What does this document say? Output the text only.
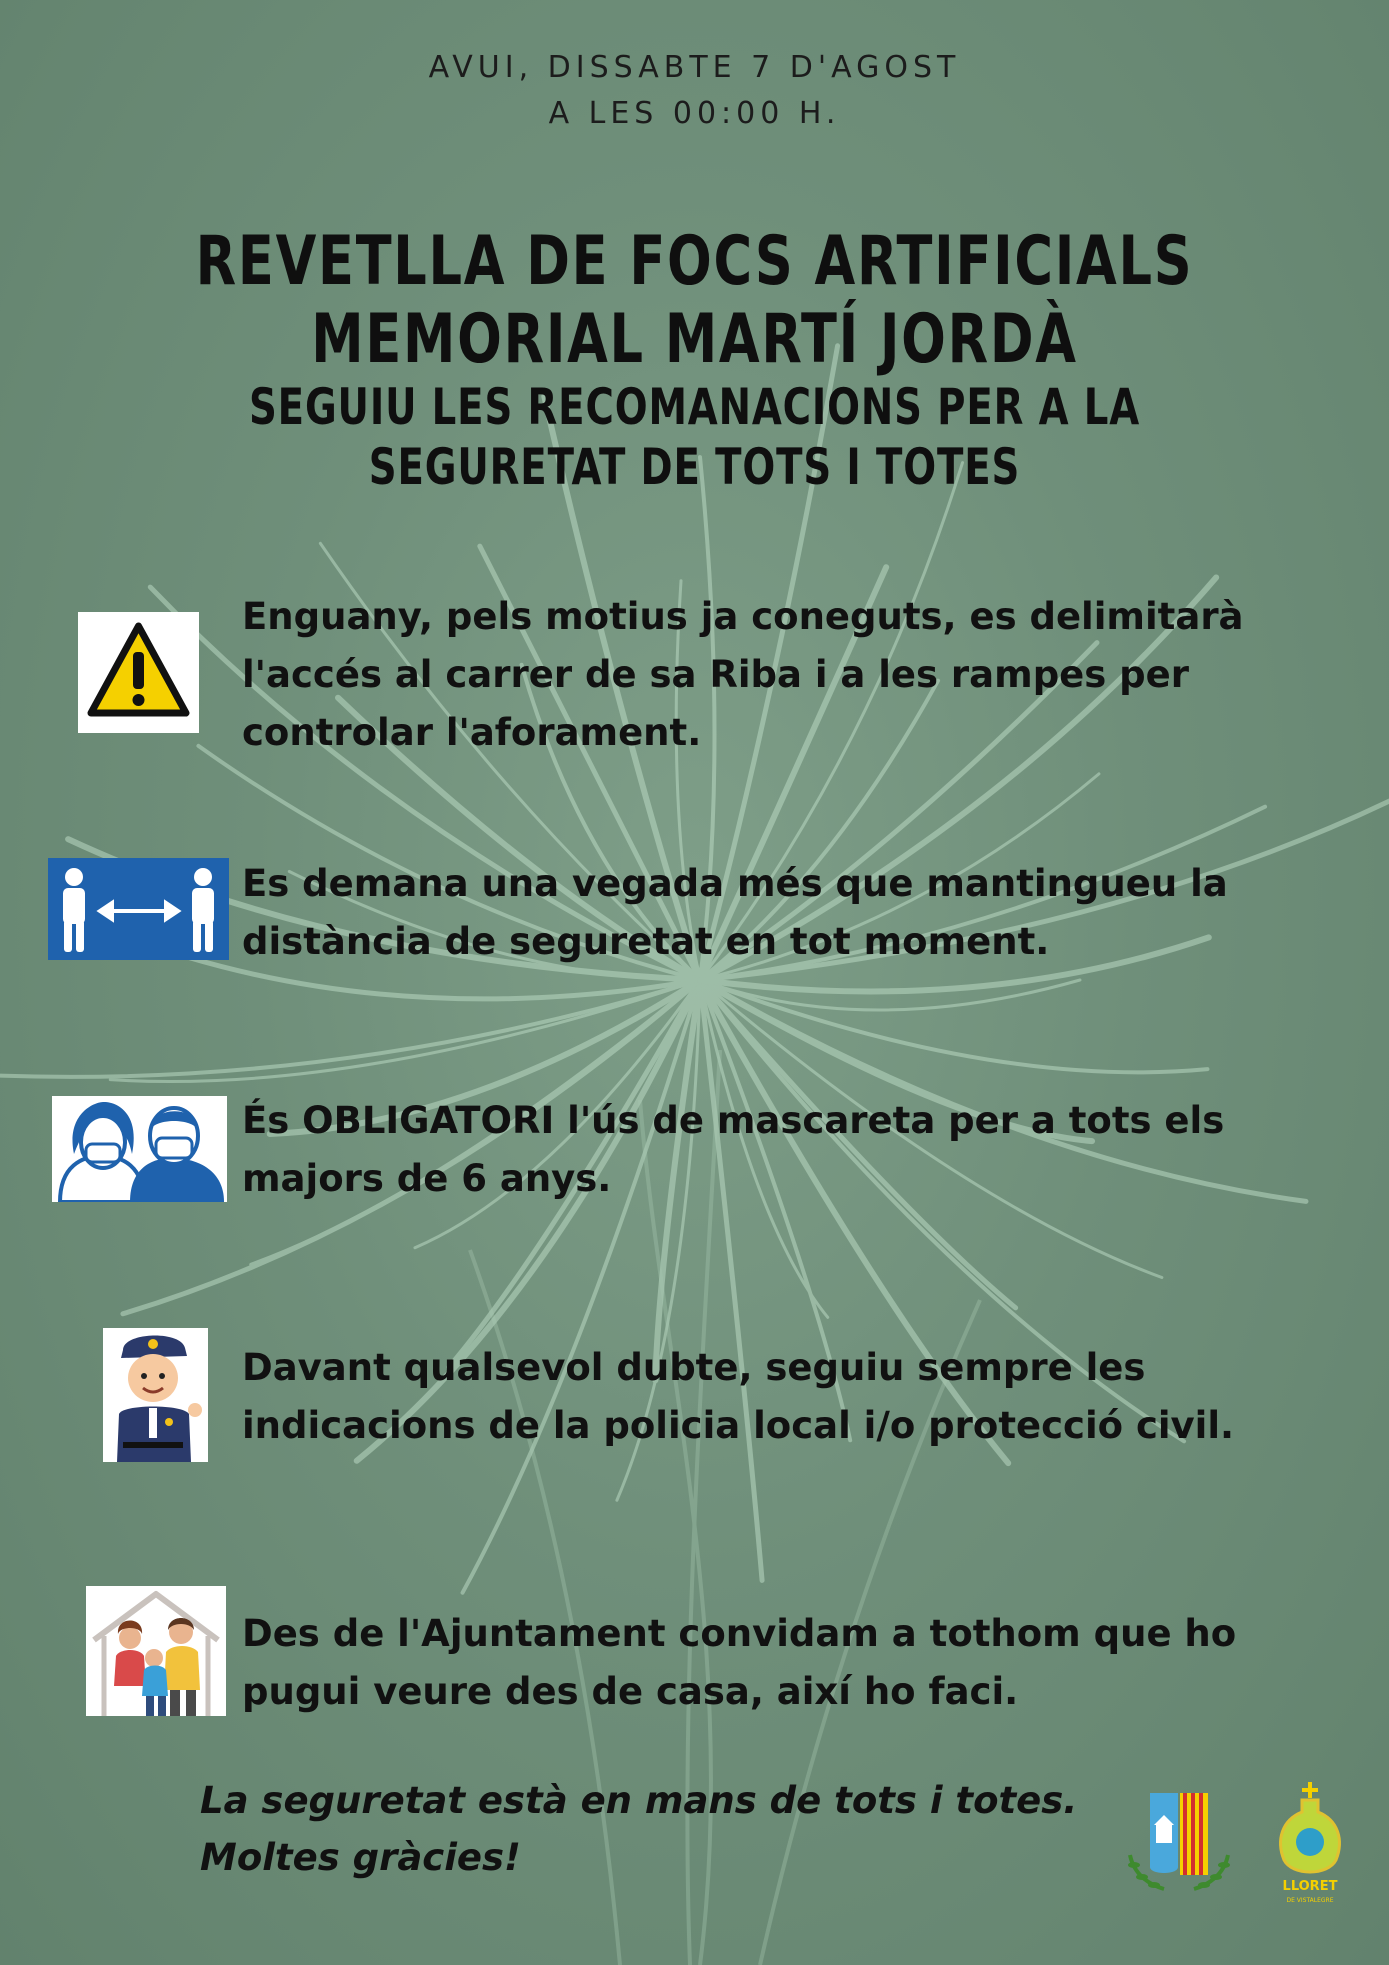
AVUI, DISSABTE 7 D'AGOST
A LES 00:00 H.
REVETLLA DE FOCS ARTIFICIALS
MEMORIAL MARTÍ JORDÀ
SEGUIU LES RECOMANACIONS PER A LA
SEGURETAT DE TOTS I TOTES
Enguany, pels motius ja coneguts, es delimitarà
l'accés al carrer de sa Riba i a les rampes per
controlar l'aforament.
Es demana una vegada més que mantingueu la
distància de seguretat en tot moment.
És OBLIGATORI l'ús de mascareta per a tots els
majors de 6 anys.
Davant qualsevol dubte, seguiu sempre les
indicacions de la policia local i/o protecció civil.
Des de l'Ajuntament convidam a tothom que ho
pugui veure des de casa, així ho faci.
La seguretat està en mans de tots i totes.
Moltes gràcies!
LLORET
DE VISTALEGRE
